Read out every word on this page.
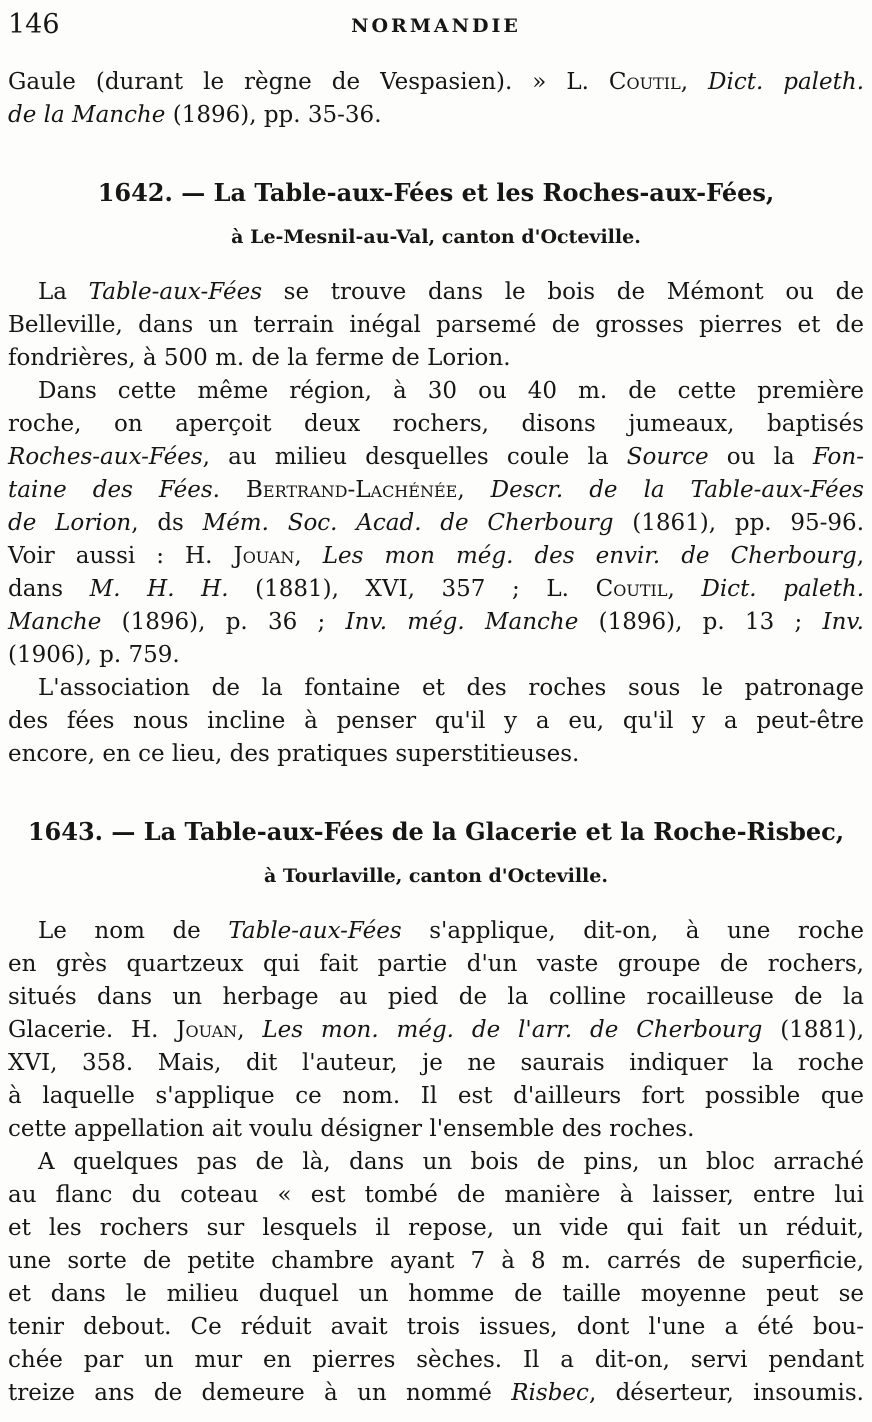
146	NORMANDIE
Gaule (durant le règne de Vespasien). » L. Coutil, Dict. paleth.
de la Manche (1896), pp. 35-36.
1642. — La Table-aux-Fées et les Roches-aux-Fées,
à Le-Mesnil-au-Val, canton d'Octeville.
La Table-aux-Fées se trouve dans le bois de Mémont ou de
Belleville, dans un terrain inégal parsemé de grosses pierres et de
fondrières, à 500 m. de la ferme de Lorion.
Dans cette même région, à 30 ou 40 m. de cette première
roche, on aperçoit deux rochers, disons jumeaux, baptisés
Roches-aux-Fées, au milieu desquelles coule la Source ou la Fon-
taine des Fées. Bertrand-Lachénée, Descr. de la Table-aux-Fées
de Lorion, ds Mém. Soc. Acad. de Cherbourg (1861), pp. 95-96.
Voir aussi : H. Jouan, Les mon még. des envir. de Cherbourg,
dans M. H. H. (1881), XVI, 357 ; L. Coutil, Dict. paleth.
Manche (1896), p. 36 ; Inv. még. Manche (1896), p. 13 ; Inv.
(1906), p. 759.
L'association de la fontaine et des roches sous le patronage
des fées nous incline à penser qu'il y a eu, qu'il y a peut-être
encore, en ce lieu, des pratiques superstitieuses.
1643. — La Table-aux-Fées de la Glacerie et la Roche-Risbec,
à Tourlaville, canton d'Octeville.
Le nom de Table-aux-Fées s'applique, dit-on, à une roche
en grès quartzeux qui fait partie d'un vaste groupe de rochers,
situés dans un herbage au pied de la colline rocailleuse de la
Glacerie. H. Jouan, Les mon. még. de l'arr. de Cherbourg (1881),
XVI, 358. Mais, dit l'auteur, je ne saurais indiquer la roche
à laquelle s'applique ce nom. Il est d'ailleurs fort possible que
cette appellation ait voulu désigner l'ensemble des roches.
A quelques pas de là, dans un bois de pins, un bloc arraché
au flanc du coteau « est tombé de manière à laisser, entre lui
et les rochers sur lesquels il repose, un vide qui fait un réduit,
une sorte de petite chambre ayant 7 à 8 m. carrés de superficie,
et dans le milieu duquel un homme de taille moyenne peut se
tenir debout. Ce réduit avait trois issues, dont l'une a été bou-
chée par un mur en pierres sèches. Il a dit-on, servi pendant
treize ans de demeure à un nommé Risbec, déserteur, insoumis.
